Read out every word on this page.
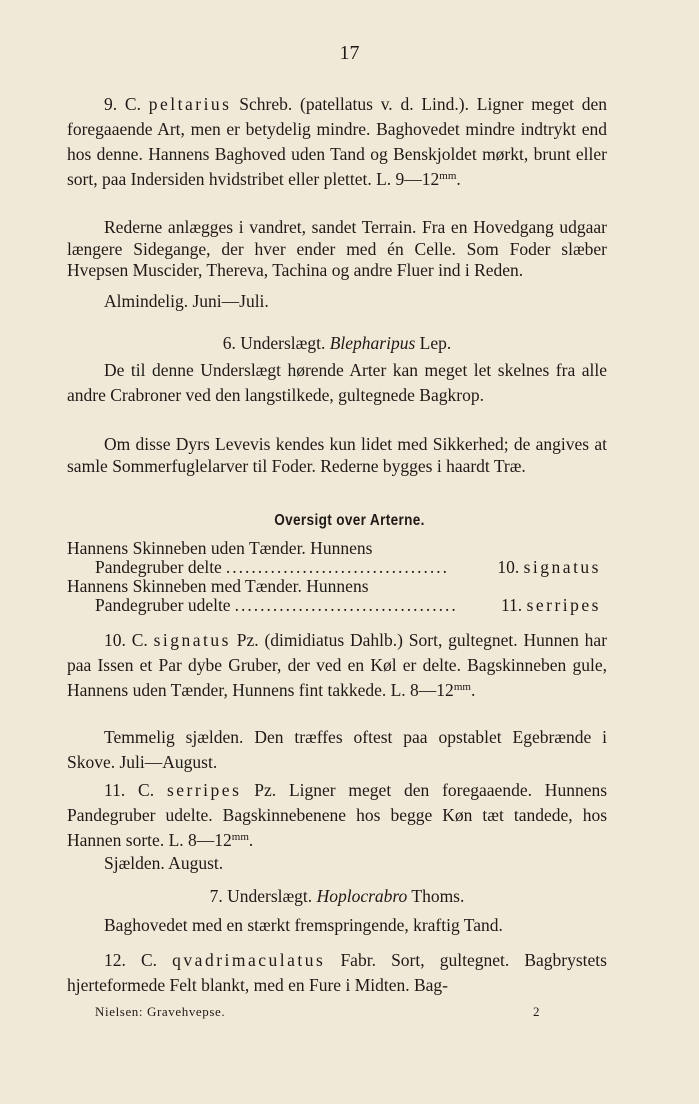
17

9. C. peltarius Schreb. (patellatus v. d. Lind.). Ligner meget den foregaaende Art, men er betydelig mindre. Baghovedet mindre indtrykt end hos denne. Hannens Baghoved uden Tand og Benskjoldet mørkt, brunt eller sort, paa Indersiden hvidstribet eller plettet. L. $9—12^{mm}$.

Rederne anlægges i vandret, sandet Terrain. Fra en Hovedgang udgaar længere Sidegange, der hver ender med én Celle. Som Foder slæber Hvepsen Muscider, Thereva, Tachina og andre Fluer ind i Reden.

Almindelig. Juni—Juli.

6. Underslægt. Blepharipus Lep.

De til denne Underslægt hørende Arter kan meget let skelnes fra alle andre Crabroner ved den langstilkede, gultegnede Bagkrop.

Om disse Dyrs Levevis kendes kun lidet med Sikkerhed; de angives at samle Sommerfuglelarver til Foder. Rederne bygges i haardt Træ.

Oversigt over Arterne.
Hannens Skinneben uden Tænder. Hunnens
Pandegruber delte ...................................	10. signatus
Hannens Skinneben med Tænder. Hunnens
Pandegruber udelte ...................................	11. serripes

10. C. signatus Pz. (dimidiatus Dahlb.) Sort, gultegnet. Hunnen har paa Issen et Par dybe Gruber, der ved en Køl er delte. Bagskinneben gule, Hannens uden Tænder, Hunnens fint takkede. L. $8—12^{mm}$.

Temmelig sjælden. Den træffes oftest paa opstablet Egebrænde i Skove. Juli—August.

11. C. serripes Pz. Ligner meget den foregaaende. Hunnens Pandegruber udelte. Bagskinnebenene hos begge Køn tæt tandede, hos Hannen sorte. L. $8—12^{mm}$.

Sjælden. August.

7. Underslægt. Hoplocrabro Thoms.

Baghovedet med en stærkt fremspringende, kraftig Tand.

12. C. qvadrimaculatus Fabr. Sort, gultegnet. Bagbrystets hjerteformede Felt blankt, med en Fure i Midten. Bag-

Nielsen: Gravehvepse.	2
